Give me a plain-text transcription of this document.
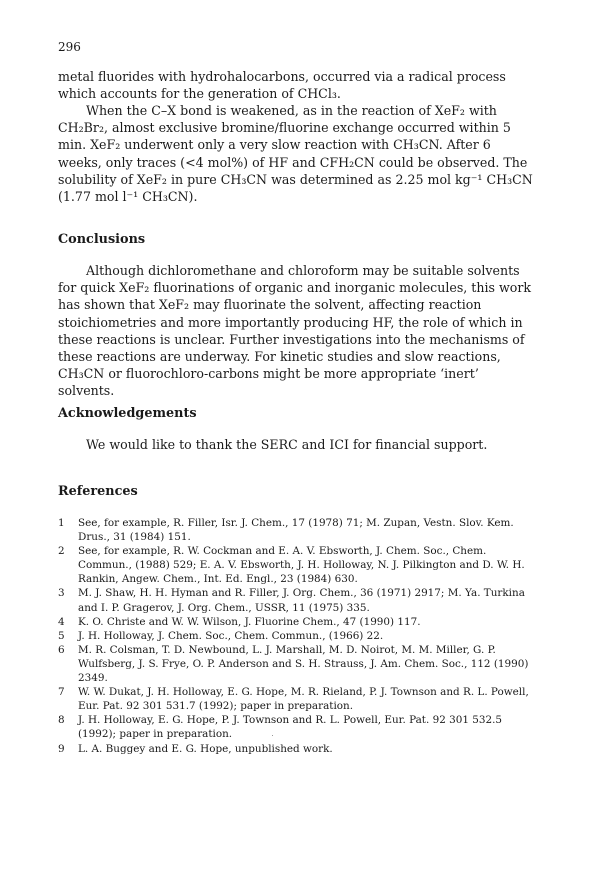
296

metal fluorides with hydrohalocarbons, occurred via a radical process which accounts for the generation of CHCl₃.

When the C–X bond is weakened, as in the reaction of XeF₂ with CH₂Br₂, almost exclusive bromine/fluorine exchange occurred within 5 min. XeF₂ underwent only a very slow reaction with CH₃CN. After 6 weeks, only traces (<4 mol%) of HF and CFH₂CN could be observed. The solubility of XeF₂ in pure CH₃CN was determined as 2.25 mol kg⁻¹ CH₃CN (1.77 mol l⁻¹ CH₃CN).

Conclusions

Although dichloromethane and chloroform may be suitable solvents for quick XeF₂ fluorinations of organic and inorganic molecules, this work has shown that XeF₂ may fluorinate the solvent, affecting reaction stoichiometries and more importantly producing HF, the role of which in these reactions is unclear. Further investigations into the mechanisms of these reactions are underway. For kinetic studies and slow reactions, CH₃CN or fluorochloro-carbons might be more appropriate ‘inert’ solvents.

Acknowledgements

We would like to thank the SERC and ICI for financial support.

References
1 See, for example, R. Filler, Isr. J. Chem., 17 (1978) 71; M. Zupan, Vestn. Slov. Kem. Drus., 31 (1984) 151.
2 See, for example, R. W. Cockman and E. A. V. Ebsworth, J. Chem. Soc., Chem. Commun., (1988) 529; E. A. V. Ebsworth, J. H. Holloway, N. J. Pilkington and D. W. H. Rankin, Angew. Chem., Int. Ed. Engl., 23 (1984) 630.
3 M. J. Shaw, H. H. Hyman and R. Filler, J. Org. Chem., 36 (1971) 2917; M. Ya. Turkina and I. P. Gragerov, J. Org. Chem., USSR, 11 (1975) 335.
4 K. O. Christe and W. W. Wilson, J. Fluorine Chem., 47 (1990) 117.
5 J. H. Holloway, J. Chem. Soc., Chem. Commun., (1966) 22.
6 M. R. Colsman, T. D. Newbound, L. J. Marshall, M. D. Noirot, M. M. Miller, G. P. Wulfsberg, J. S. Frye, O. P. Anderson and S. H. Strauss, J. Am. Chem. Soc., 112 (1990) 2349.
7 W. W. Dukat, J. H. Holloway, E. G. Hope, M. R. Rieland, P. J. Townson and R. L. Powell, Eur. Pat. 92 301 531.7 (1992); paper in preparation.
8 J. H. Holloway, E. G. Hope, P. J. Townson and R. L. Powell, Eur. Pat. 92 301 532.5 (1992); paper in preparation.
9 L. A. Buggey and E. G. Hope, unpublished work.
